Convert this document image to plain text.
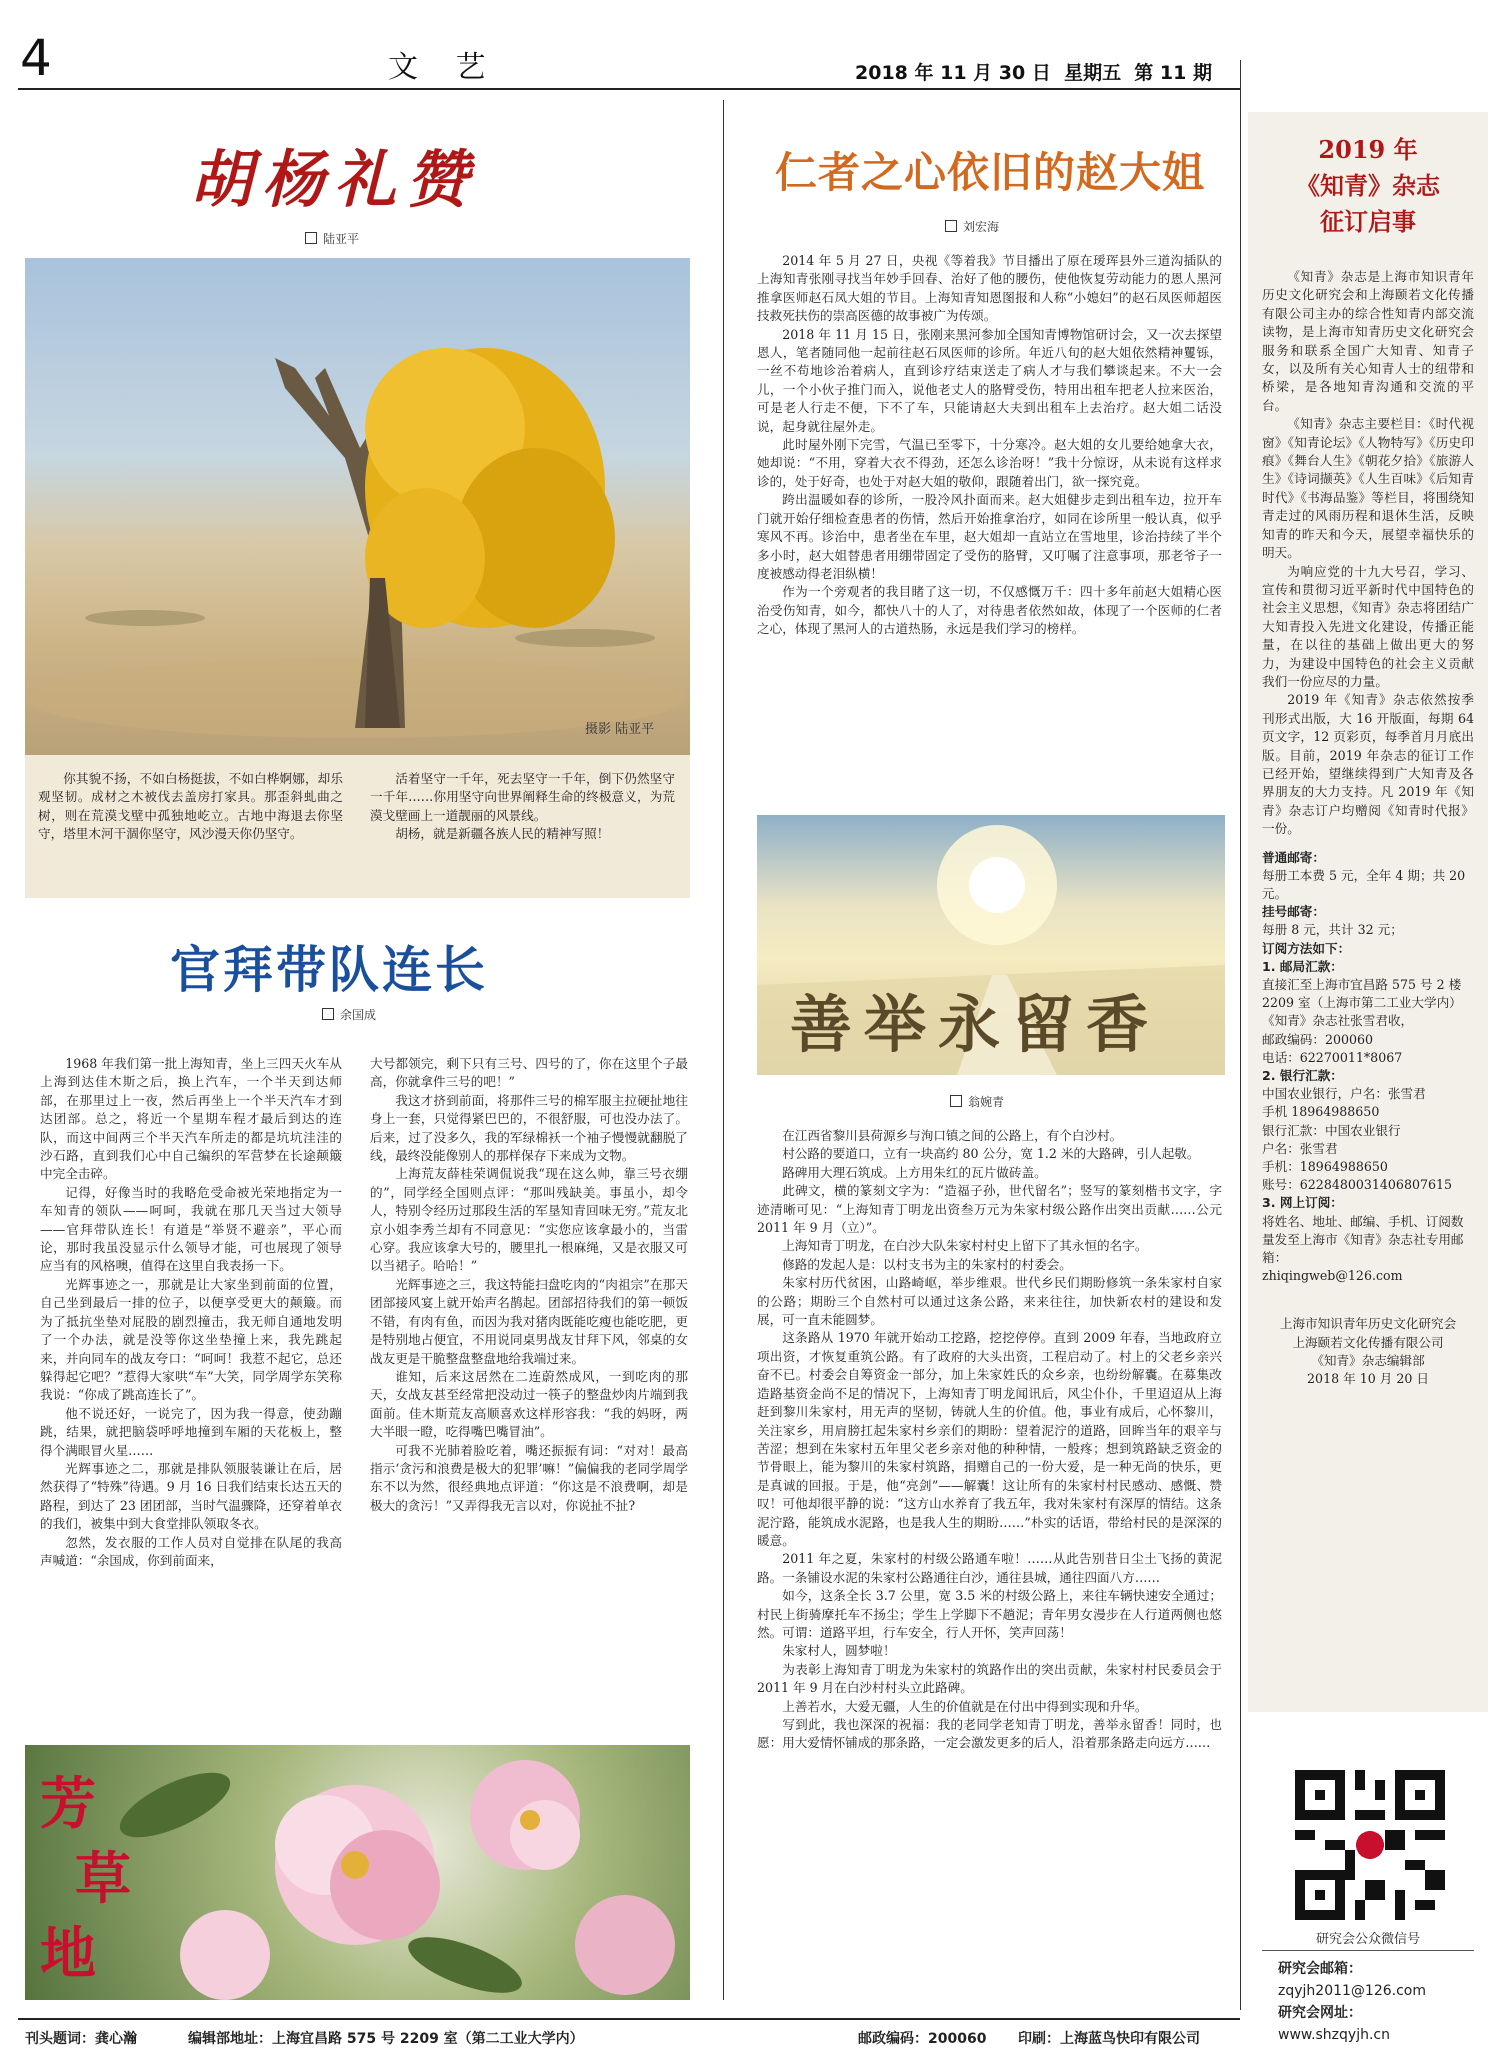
4	文 艺	2018 年 11 月 30 日  星期五  第 11 期
胡杨礼赞
陆亚平
摄影 陆亚平

你其貌不扬，不如白杨挺拔，不如白桦婀娜，却乐观坚韧。成材之木被伐去盖房打家具。那歪斜虬曲之树，则在荒漠戈壁中孤独地屹立。古地中海退去你坚守，塔里木河干涸你坚守，风沙漫天你仍坚守。

活着坚守一千年，死去坚守一千年，倒下仍然坚守一千年……你用坚守向世界阐释生命的终极意义，为荒漠戈壁画上一道靓丽的风景线。

胡杨，就是新疆各族人民的精神写照！

官拜带队连长
余国成

1968 年我们第一批上海知青，坐上三四天火车从上海到达佳木斯之后，换上汽车，一个半天到达师部，在那里过上一夜，然后再坐上一个半天汽车才到达团部。总之，将近一个星期车程才最后到达的连队，而这中间两三个半天汽车所走的都是坑坑洼洼的沙石路，直到我们心中自己编织的军营梦在长途颠簸中完全击碎。

记得，好像当时的我略危受命被光荣地指定为一车知青的领队——呵呵，我就在那几天当过大领导——官拜带队连长！有道是“举贤不避亲”，平心而论，那时我虽没显示什么领导才能，可也展现了领导应当有的风格噢，值得在这里自我表扬一下。

光辉事迹之一，那就是让大家坐到前面的位置，自己坐到最后一排的位子，以便享受更大的颠簸。而为了抵抗坐垫对屁股的剧烈撞击，我无师自通地发明了一个办法，就是没等你这坐垫撞上来，我先跳起来，并向同车的战友夸口：“呵呵！我惹不起它，总还躲得起它吧？”惹得大家哄“车”大笑，同学周学东笑称我说：“你成了跳高连长了”。

他不说还好，一说完了，因为我一得意，使劲蹦跳，结果，就把脑袋呼呼地撞到车厢的天花板上，整得个满眼冒火星……

光辉事迹之二，那就是排队领服装谦让在后，居然获得了“特殊”待遇。9 月 16 日我们结束长达五天的路程，到达了 23 团团部，当时气温骤降，还穿着单衣的我们，被集中到大食堂排队领取冬衣。

忽然，发衣服的工作人员对自觉排在队尾的我高声喊道：“余国成，你到前面来，

大号都领完，剩下只有三号、四号的了，你在这里个子最高，你就拿件三号的吧！”

我这才挤到前面，将那件三号的棉军服主拉硬扯地往身上一套，只觉得紧巴巴的，不很舒服，可也没办法了。后来，过了没多久，我的军绿棉袄一个袖子慢慢就翻脱了线，最终没能像别人的那样保存下来成为文物。

上海荒友薛桂荣调侃说我“现在这么帅，靠三号衣绷的”，同学经全国则点评：“那叫残缺美。事虽小，却令人，特别令经历过那段生活的军垦知青回味无穷。”荒友北京小姐李秀兰却有不同意见：“实您应该拿最小的，当雷心穿。我应该拿大号的，腰里扎一根麻绳，又是衣服又可以当裙子。哈哈！”

光辉事迹之三，我这特能扫盘吃肉的“肉祖宗”在那天团部接风宴上就开始声名鹊起。团部招待我们的第一顿饭不错，有肉有鱼，而因为我对猪肉既能吃瘦也能吃肥，更是特别地占便宜，不用说同桌男战友甘拜下风，邻桌的女战友更是干脆整盘整盘地给我端过来。

谁知，后来这居然在二连蔚然成风，一到吃肉的那天，女战友甚至经常把没动过一筷子的整盘炒肉片端到我面前。佳木斯荒友高顺喜欢这样形容我：“我的妈呀，两大半眼一瞪，吃得嘴巴嘴冒油”。

可我不光肺着脸吃着，嘴还振振有词：“对对！最高指示‘贪污和浪费是极大的犯罪’嘛！”偏偏我的老同学周学东不以为然，很经典地点评道：“你这是不浪费啊，却是极大的贪污！”又弄得我无言以对，你说扯不扯?

芳
草
地
仁者之心依旧的赵大姐
刘宏海

2014 年 5 月 27 日，央视《等着我》节目播出了原在瑷珲县外三道沟插队的上海知青张刚寻找当年妙手回春、治好了他的腰伤，使他恢复劳动能力的恩人黑河推拿医师赵石凤大姐的节目。上海知青知恩图报和人称“小媳妇”的赵石凤医师超医技救死扶伤的崇高医德的故事被广为传颂。

2018 年 11 月 15 日，张刚来黑河参加全国知青博物馆研讨会，又一次去探望恩人，笔者随同他一起前往赵石凤医师的诊所。年近八旬的赵大姐依然精神矍铄，一丝不苟地诊治着病人，直到诊疗结束送走了病人才与我们攀谈起来。不大一会儿，一个小伙子推门而入，说他老丈人的胳臂受伤，特用出租车把老人拉来医治，可是老人行走不便，下不了车，只能请赵大夫到出租车上去治疗。赵大姐二话没说，起身就往屋外走。

此时屋外刚下完雪，气温已至零下，十分寒冷。赵大姐的女儿要给她拿大衣，她却说：“不用，穿着大衣不得劲，还怎么诊治呀！”我十分惊讶，从未说有这样求诊的，处于好奇，也处于对赵大姐的敬仰，跟随着出门，欲一探究竟。

跨出温暖如春的诊所，一股冷风扑面而来。赵大姐健步走到出租车边，拉开车门就开始仔细检查患者的伤情，然后开始推拿治疗，如同在诊所里一般认真，似乎寒风不再。诊治中，患者坐在车里，赵大姐却一直站立在雪地里，诊治持续了半个多小时，赵大姐替患者用绷带固定了受伤的胳臂，又叮嘱了注意事项，那老爷子一度被感动得老泪纵横！

作为一个旁观者的我目睹了这一切，不仅感慨万千：四十多年前赵大姐精心医治受伤知青，如今，都快八十的人了，对待患者依然如故，体现了一个医师的仁者之心，体现了黑河人的古道热肠，永远是我们学习的榜样。

善举永留香
翁婉青

在江西省黎川县荷源乡与洵口镇之间的公路上，有个白沙村。

村公路的要道口，立有一块高约 80 公分，宽 1.2 米的大路碑，引人起敬。

路碑用大理石筑成。上方用朱红的瓦片做砖盖。

此碑文，横的篆刻文字为：“造福子孙，世代留名”；竖写的篆刻楷书文字，字迹清晰可见：“上海知青丁明龙出资叁万元为朱家村级公路作出突出贡献……公元 2011 年 9 月（立）”。

上海知青丁明龙，在白沙大队朱家村村史上留下了其永恒的名字。

修路的发起人是：以村支书为主的朱家村的村委会。

朱家村历代贫困，山路崎岖，举步维艰。世代乡民们期盼修筑一条朱家村自家的公路；期盼三个自然村可以通过这条公路，来来往往，加快新农村的建设和发展，可一直未能圆梦。

这条路从 1970 年就开始动工挖路，挖挖停停。直到 2009 年春，当地政府立项出资，才恢复重筑公路。有了政府的大头出资，工程启动了。村上的父老乡亲兴奋不已。村委会自筹资金一部分，加上朱家姓氏的众乡亲，也纷纷解囊。在募集改造路基资金尚不足的情况下，上海知青丁明龙闻讯后，风尘仆仆，千里迢迢从上海赶到黎川朱家村，用无声的坚韧，铸就人生的价值。他，事业有成后，心怀黎川，关注家乡，用肩膀扛起朱家村乡亲们的期盼：望着泥泞的道路，回眸当年的艰辛与苦涩；想到在朱家村五年里父老乡亲对他的种种情，一般疼；想到筑路缺乏资金的节骨眼上，能为黎川的朱家村筑路，捐赠自己的一份大爱，是一种无尚的快乐，更是真诚的回报。于是，他“亮剑”——解囊！这让所有的朱家村村民感动、感慨、赞叹！可他却很平静的说：“这方山水养育了我五年，我对朱家村有深厚的情结。这条泥泞路，能筑成水泥路，也是我人生的期盼……”朴实的话语，带给村民的是深深的暖意。

2011 年之夏，朱家村的村级公路通车啦！……从此告别昔日尘土飞扬的黄泥路。一条铺设水泥的朱家村公路通往白沙，通往县城，通往四面八方……

如今，这条全长 3.7 公里，宽 3.5 米的村级公路上，来往车辆快速安全通过；村民上街骑摩托车不扬尘；学生上学脚下不趟泥；青年男女漫步在人行道两侧也悠然。可谓：道路平坦，行车安全，行人开怀，笑声回荡！

朱家村人，圆梦啦！

为表彰上海知青丁明龙为朱家村的筑路作出的突出贡献，朱家村村民委员会于 2011 年 9 月在白沙村村头立此路碑。

上善若水，大爱无疆，人生的价值就是在付出中得到实现和升华。

写到此，我也深深的祝福：我的老同学老知青丁明龙，善举永留香！同时，也愿：用大爱情怀铺成的那条路，一定会激发更多的后人，沿着那条路走向远方……

2019 年
《知青》杂志
征订启事

《知青》杂志是上海市知识青年历史文化研究会和上海颐若文化传播有限公司主办的综合性知青内部交流读物，是上海市知青历史文化研究会服务和联系全国广大知青、知青子女，以及所有关心知青人士的纽带和桥梁，是各地知青沟通和交流的平台。

《知青》杂志主要栏目：《时代视窗》《知青论坛》《人物特写》《历史印痕》《舞台人生》《朝花夕拾》《旅游人生》《诗词撷英》《人生百味》《后知青时代》《书海品鉴》等栏目，将围绕知青走过的风雨历程和退休生活，反映知青的昨天和今天，展望幸福快乐的明天。

为响应党的十九大号召，学习、宣传和贯彻习近平新时代中国特色的社会主义思想，《知青》杂志将团结广大知青投入先进文化建设，传播正能量，在以往的基础上做出更大的努力，为建设中国特色的社会主义贡献我们一份应尽的力量。

2019 年《知青》杂志依然按季刊形式出版，大 16 开版面，每期 64 页文字，12 页彩页，每季首月月底出版。目前，2019 年杂志的征订工作已经开始，望继续得到广大知青及各界朋友的大力支持。凡 2019 年《知青》杂志订户均赠阅《知青时代报》一份。

普通邮寄：
每册工本费 5 元，全年 4 期；共 20 元。
挂号邮寄：
每册 8 元，共计 32 元；
订阅方法如下：
1. 邮局汇款：
直接汇至上海市宜昌路 575 号 2 楼 2209 室（上海市第二工业大学内）《知青》杂志社张雪君收，
邮政编码：200060
电话：62270011*8067
2. 银行汇款：
中国农业银行，户名：张雪君
手机 18964988650
银行汇款：中国农业银行
户名：张雪君
手机：18964988650
账号：6228480031406807615
3. 网上订阅：
将姓名、地址、邮编、手机、订阅数量发至上海市《知青》杂志社专用邮箱：
zhiqingweb@126.com
上海市知识青年历史文化研究会
上海颐若文化传播有限公司
《知青》杂志编辑部
2018 年 10 月 20 日
研究会公众微信号
研究会邮箱：
zqyjh2011@126.com
研究会网址：
www.shzqyjh.cn
刊头题词：龚心瀚	编辑部地址：上海宜昌路 575 号 2209 室（第二工业大学内）	邮政编码：200060 印刷：上海蓝鸟快印有限公司
